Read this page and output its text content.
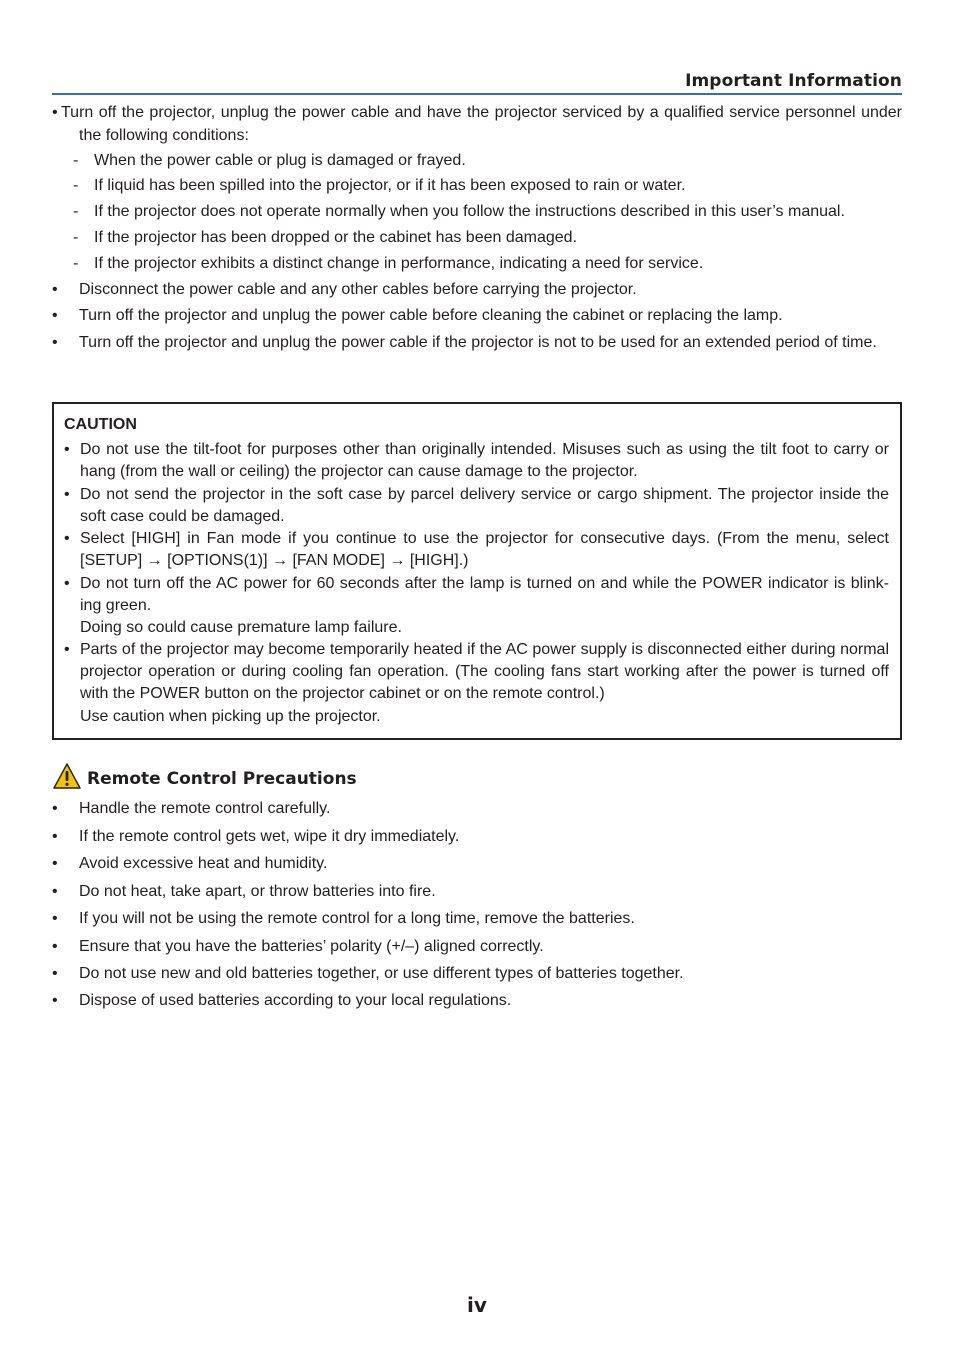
Important Information
• Turn off the projector, unplug the power cable and have the projector serviced by a qualified service personnel under the following conditions:
- When the power cable or plug is damaged or frayed.
- If liquid has been spilled into the projector, or if it has been exposed to rain or water.
- If the projector does not operate normally when you follow the instructions described in this user’s manual.
- If the projector has been dropped or the cabinet has been damaged.
- If the projector exhibits a distinct change in performance, indicating a need for service.
• Disconnect the power cable and any other cables before carrying the projector.
• Turn off the projector and unplug the power cable before cleaning the cabinet or replacing the lamp.
• Turn off the projector and unplug the power cable if the projector is not to be used for an extended period of time.
CAUTION
• Do not use the tilt-foot for purposes other than originally intended. Misuses such as using the tilt foot to carry or hang (from the wall or ceiling) the projector can cause damage to the projector.
• Do not send the projector in the soft case by parcel delivery service or cargo shipment. The projector inside the soft case could be damaged.
• Select [HIGH] in Fan mode if you continue to use the projector for consecutive days. (From the menu, select [SETUP] → [OPTIONS(1)] → [FAN MODE] → [HIGH].)
• Do not turn off the AC power for 60 seconds after the lamp is turned on and while the POWER indicator is blink-ing green.
Doing so could cause premature lamp failure.
• Parts of the projector may become temporarily heated if the AC power supply is disconnected either during normal projector operation or during cooling fan operation. (The cooling fans start working after the power is turned off with the POWER button on the projector cabinet or on the remote control.)
Use caution when picking up the projector.
Remote Control Precautions
• Handle the remote control carefully.
• If the remote control gets wet, wipe it dry immediately.
• Avoid excessive heat and humidity.
• Do not heat, take apart, or throw batteries into fire.
• If you will not be using the remote control for a long time, remove the batteries.
• Ensure that you have the batteries’ polarity (+/–) aligned correctly.
• Do not use new and old batteries together, or use different types of batteries together.
• Dispose of used batteries according to your local regulations.
iv
